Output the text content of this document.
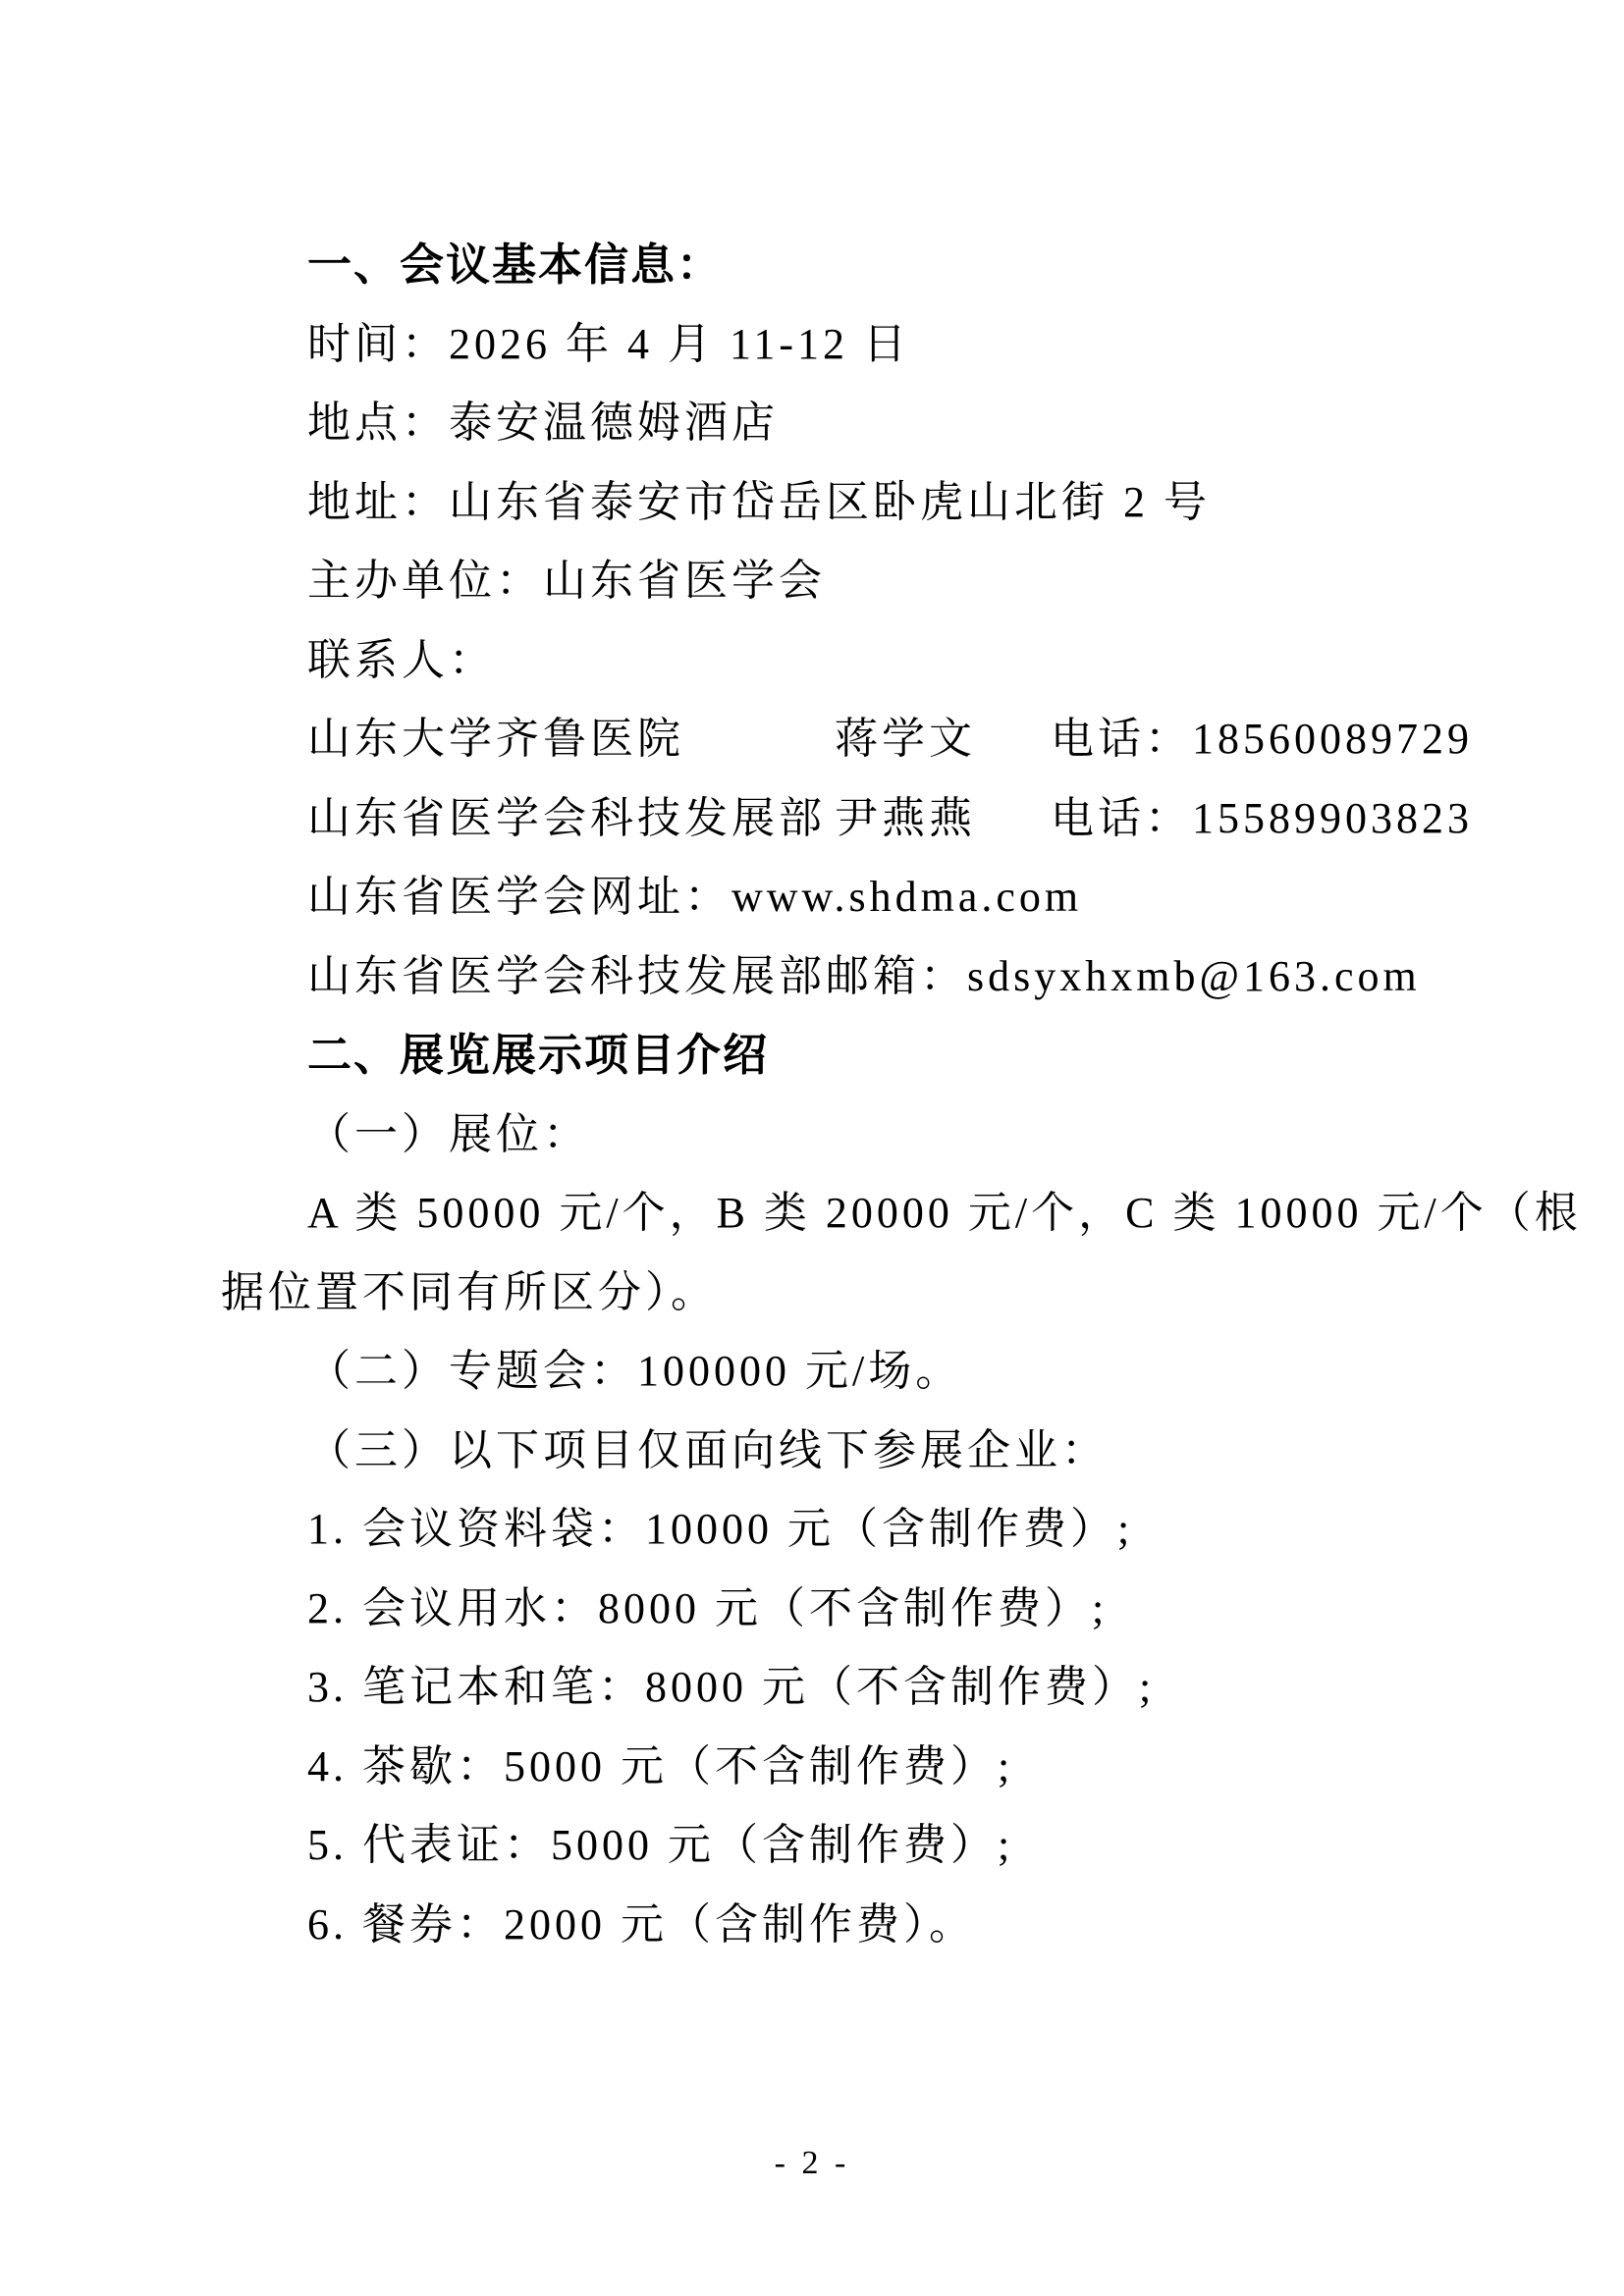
一、会议基本信息：

时间：2026 年 4 月 11-12 日

地点：泰安温德姆酒店

地址：山东省泰安市岱岳区卧虎山北街 2 号

主办单位：山东省医学会

联系人：

山东大学齐鲁医院	蒋学文 电话：18560089729
山东省医学会科技发展部 尹燕燕 电话：15589903823

山东省医学会网址：www.shdma.com

山东省医学会科技发展部邮箱：sdsyxhxmb@163.com

二、展览展示项目介绍

（一）展位：

A 类 50000 元/个，B 类 20000 元/个，C 类 10000 元/个（根
据位置不同有所区分）。

（二）专题会：100000 元/场。

（三）以下项目仅面向线下参展企业：

1. 会议资料袋：10000 元（含制作费）;

2. 会议用水：8000 元（不含制作费）;

3. 笔记本和笔：8000 元（不含制作费）;

4. 茶歇：5000 元（不含制作费）;

5. 代表证：5000 元（含制作费）;

6. 餐券：2000 元（含制作费）。

- 2 -
